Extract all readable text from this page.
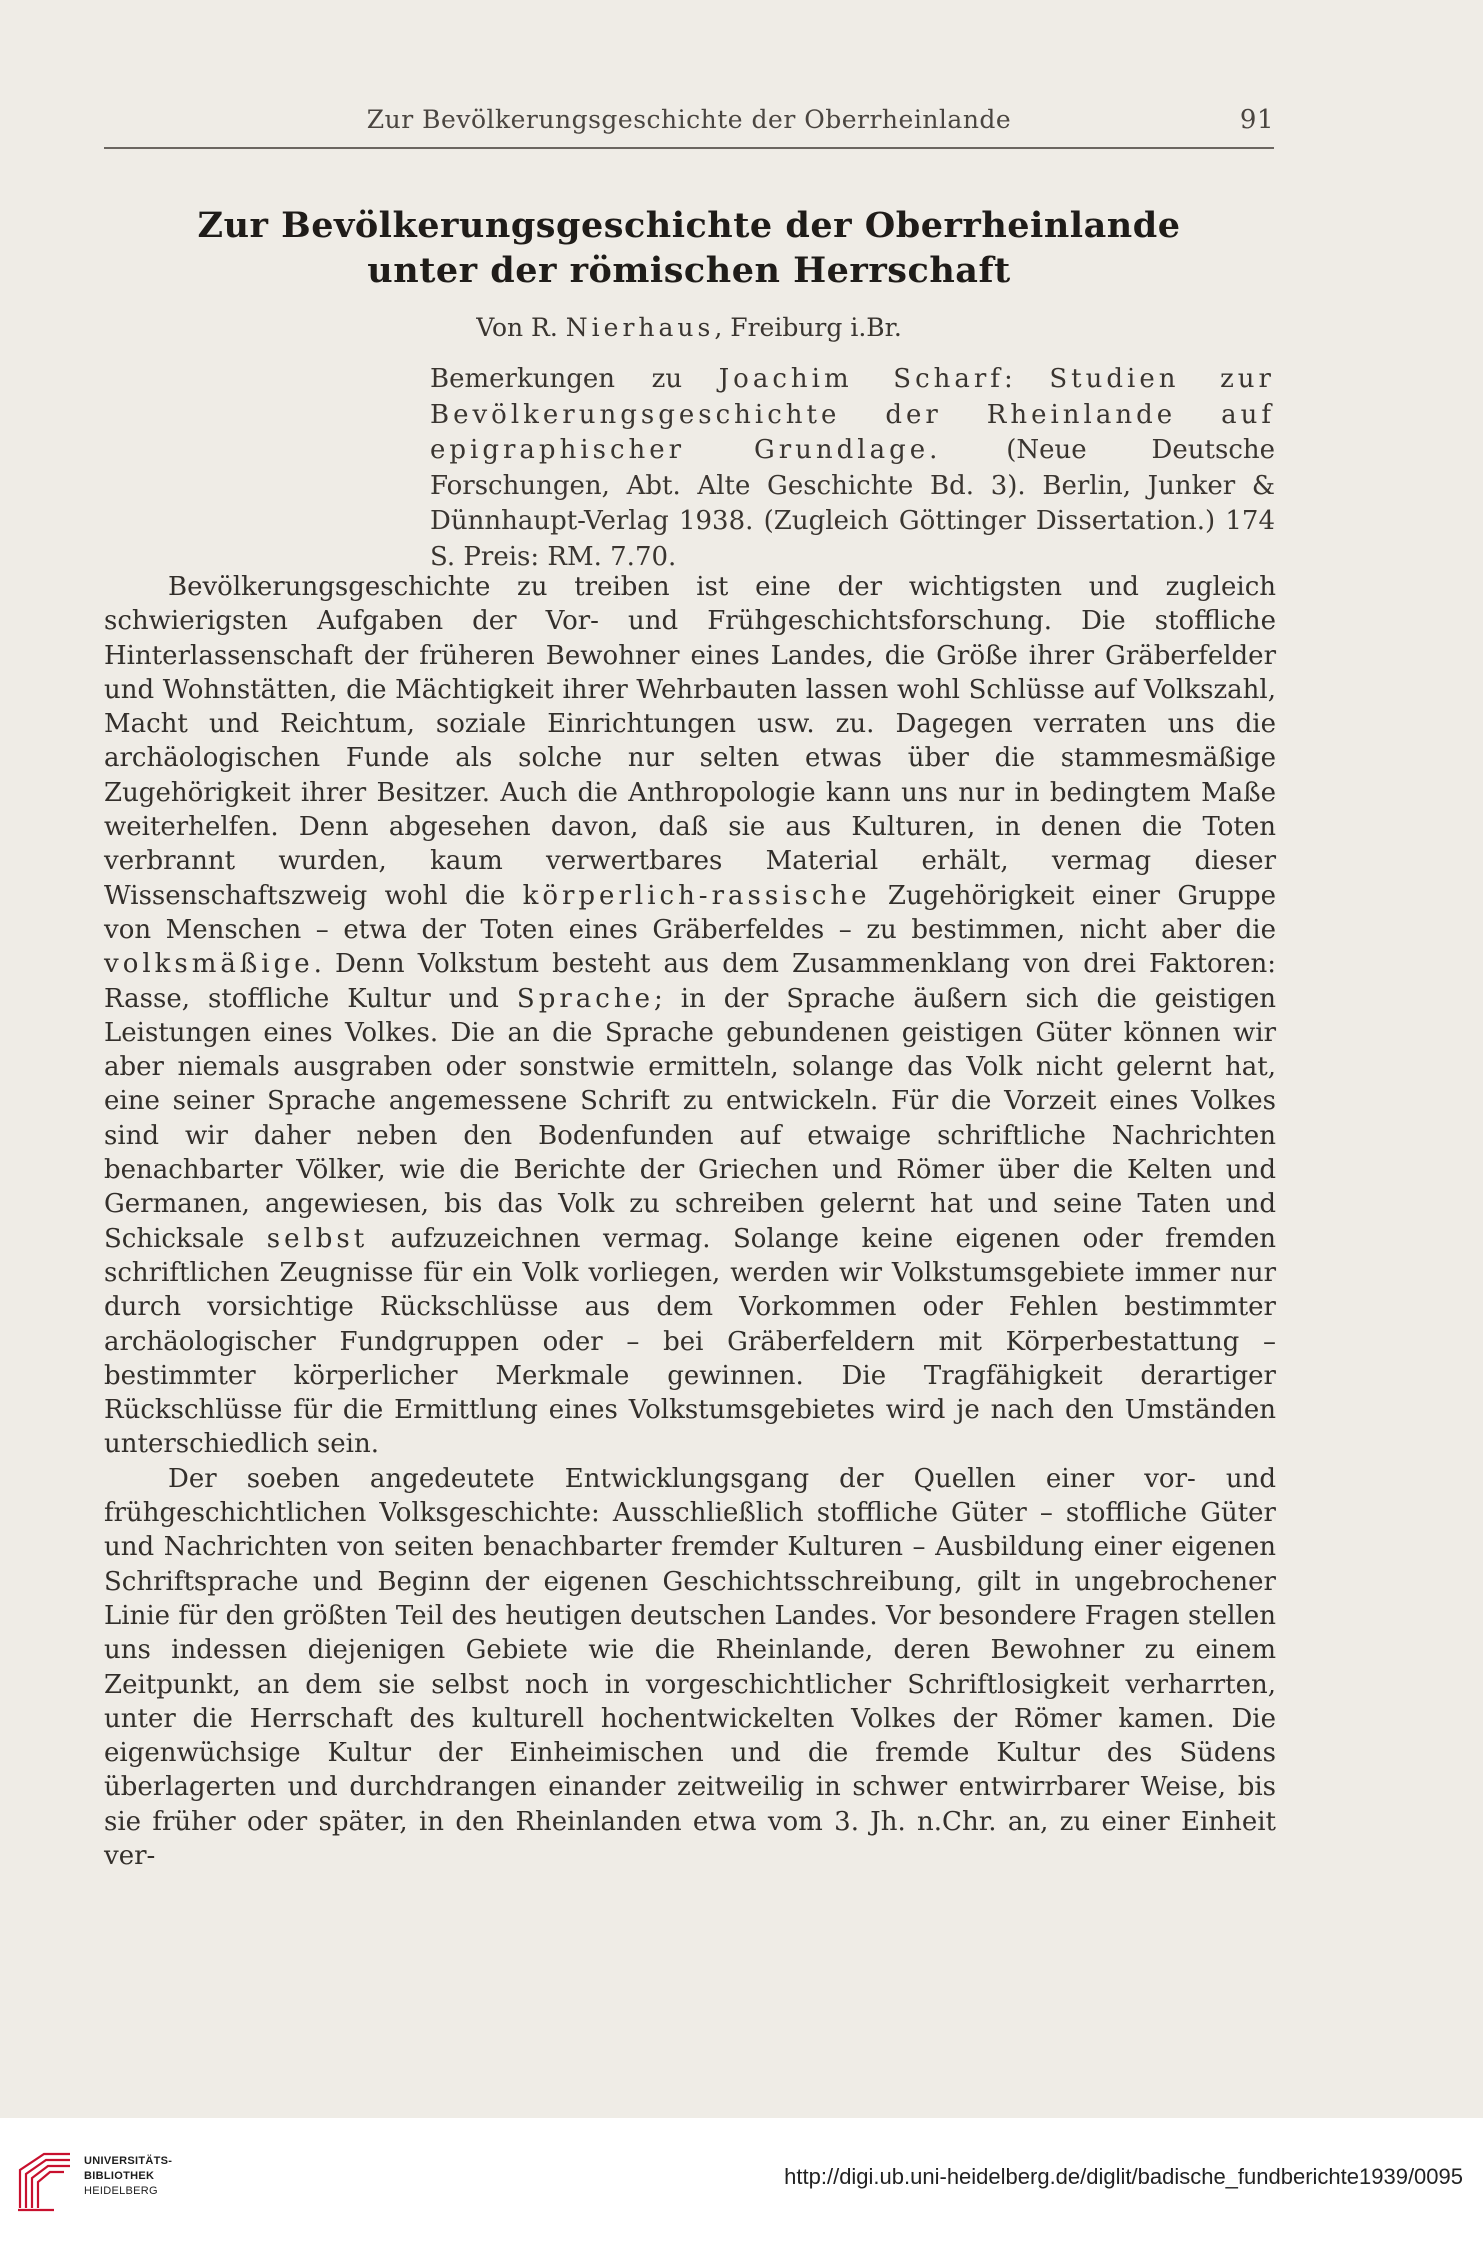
Zur Bevölkerungsgeschichte der Oberrheinlande	91
Zur Bevölkerungsgeschichte der Oberrheinlande
unter der römischen Herrschaft
Von R. Nierhaus, Freiburg i.Br.
Bemerkungen zu Joachim Scharf: Studien zur Bevölkerungsgeschichte der Rheinlande auf epigraphischer Grundlage. (Neue Deutsche Forschungen, Abt. Alte Geschichte Bd. 3). Berlin, Junker & Dünnhaupt-Verlag 1938. (Zugleich Göttinger Dissertation.) 174 S. Preis: RM. 7.70.

Bevölkerungsgeschichte zu treiben ist eine der wichtigsten und zugleich schwierigsten Aufgaben der Vor- und Frühgeschichtsforschung. Die stoffliche Hinterlassenschaft der früheren Bewohner eines Landes, die Größe ihrer Gräberfelder und Wohnstätten, die Mächtigkeit ihrer Wehrbauten lassen wohl Schlüsse auf Volkszahl, Macht und Reichtum, soziale Einrichtungen usw. zu. Dagegen verraten uns die archäologischen Funde als solche nur selten etwas über die stammesmäßige Zugehörigkeit ihrer Besitzer. Auch die Anthropologie kann uns nur in bedingtem Maße weiterhelfen. Denn abgesehen davon, daß sie aus Kulturen, in denen die Toten verbrannt wurden, kaum verwertbares Material erhält, vermag dieser Wissenschaftszweig wohl die körperlich-rassische Zugehörigkeit einer Gruppe von Menschen – etwa der Toten eines Gräberfeldes – zu bestimmen, nicht aber die volksmäßige. Denn Volkstum besteht aus dem Zusammenklang von drei Faktoren: Rasse, stoffliche Kultur und Sprache; in der Sprache äußern sich die geistigen Leistungen eines Volkes. Die an die Sprache gebundenen geistigen Güter können wir aber niemals ausgraben oder sonstwie ermitteln, solange das Volk nicht gelernt hat, eine seiner Sprache angemessene Schrift zu entwickeln. Für die Vorzeit eines Volkes sind wir daher neben den Bodenfunden auf etwaige schriftliche Nachrichten benachbarter Völker, wie die Berichte der Griechen und Römer über die Kelten und Germanen, angewiesen, bis das Volk zu schreiben gelernt hat und seine Taten und Schicksale selbst aufzuzeichnen vermag. Solange keine eigenen oder fremden schriftlichen Zeugnisse für ein Volk vorliegen, werden wir Volkstumsgebiete immer nur durch vorsichtige Rückschlüsse aus dem Vorkommen oder Fehlen bestimmter archäologischer Fundgruppen oder – bei Gräberfeldern mit Körperbestattung – bestimmter körperlicher Merkmale gewinnen. Die Tragfähigkeit derartiger Rückschlüsse für die Ermittlung eines Volkstumsgebietes wird je nach den Umständen unterschiedlich sein.

Der soeben angedeutete Entwicklungsgang der Quellen einer vor- und frühgeschichtlichen Volksgeschichte: Ausschließlich stoffliche Güter – stoffliche Güter und Nachrichten von seiten benachbarter fremder Kulturen – Ausbildung einer eigenen Schriftsprache und Beginn der eigenen Geschichtsschreibung, gilt in ungebrochener Linie für den größten Teil des heutigen deutschen Landes. Vor besondere Fragen stellen uns indessen diejenigen Gebiete wie die Rheinlande, deren Bewohner zu einem Zeitpunkt, an dem sie selbst noch in vorgeschichtlicher Schriftlosigkeit verharrten, unter die Herrschaft des kulturell hochentwickelten Volkes der Römer kamen. Die eigenwüchsige Kultur der Einheimischen und die fremde Kultur des Südens überlagerten und durchdrangen einander zeitweilig in schwer entwirrbarer Weise, bis sie früher oder später, in den Rheinlanden etwa vom 3. Jh. n.Chr. an, zu einer Einheit ver-

UNIVERSITÄTS-
BIBLIOTHEK
HEIDELBERG
http://digi.ub.uni-heidelberg.de/diglit/badische_fundberichte1939/0095
